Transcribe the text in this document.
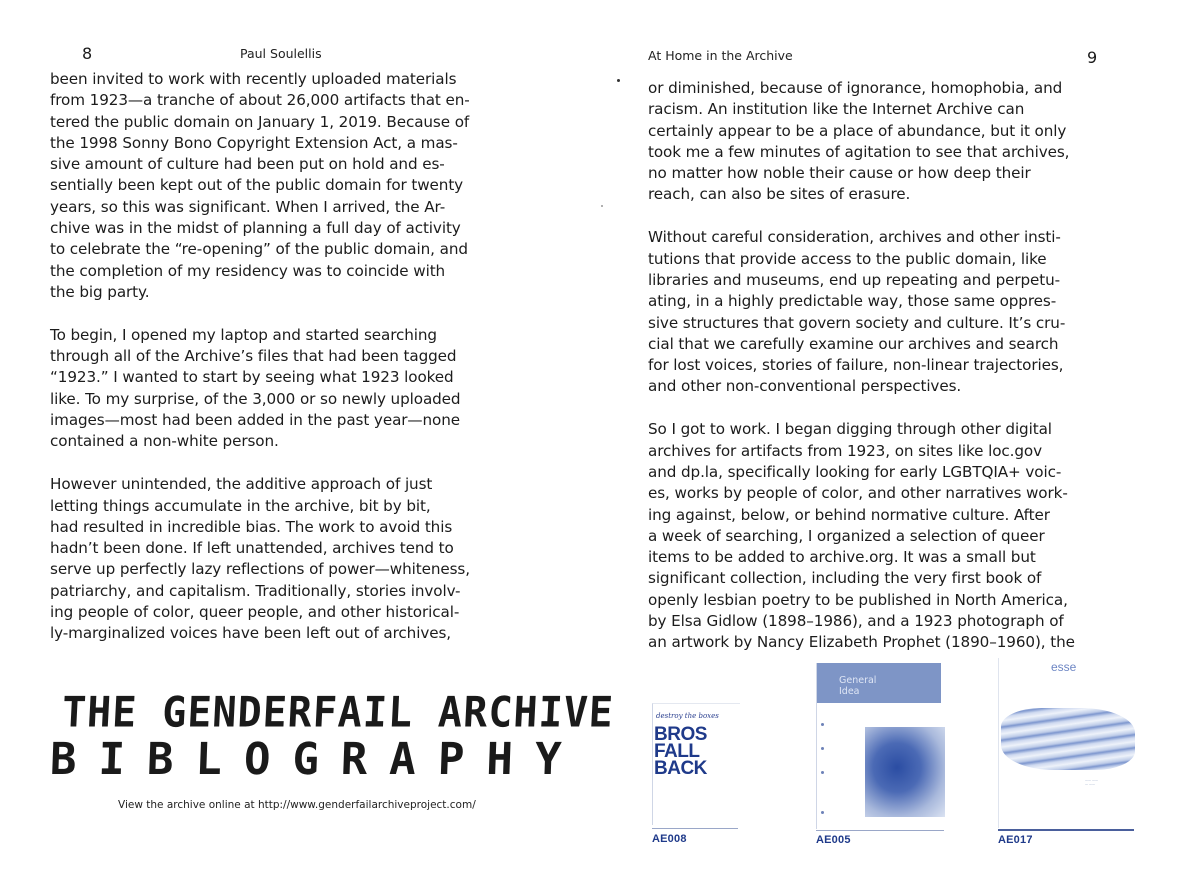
8	Paul Soulellis

been invited to work with recently uploaded materials

from 1923—a tranche of about 26,000 artifacts that en-

tered the public domain on January 1, 2019. Because of

the 1998 Sonny Bono Copyright Extension Act, a mas-

sive amount of culture had been put on hold and es-

sentially been kept out of the public domain for twenty

years, so this was significant. When I arrived, the Ar-

chive was in the midst of planning a full day of activity

to celebrate the “re-opening” of the public domain, and

the completion of my residency was to coincide with

the big party.

To begin, I opened my laptop and started searching

through all of the Archive’s files that had been tagged

“1923.” I wanted to start by seeing what 1923 looked

like. To my surprise, of the 3,000 or so newly uploaded

images—most had been added in the past year—none

contained a non-white person.

However unintended, the additive approach of just

letting things accumulate in the archive, bit by bit,

had resulted in incredible bias. The work to avoid this

hadn’t been done. If left unattended, archives tend to

serve up perfectly lazy reflections of power—whiteness,

patriarchy, and capitalism. Traditionally, stories involv-

ing people of color, queer people, and other historical-

ly-marginalized voices have been left out of archives,

THE GENDERFAIL ARCHIVE
BIBLOGRAPHY
View the archive online at http://www.genderfailarchiveproject.com/
At Home in the Archive	9

or diminished, because of ignorance, homophobia, and

racism. An institution like the Internet Archive can

certainly appear to be a place of abundance, but it only

took me a few minutes of agitation to see that archives,

no matter how noble their cause or how deep their

reach, can also be sites of erasure.

Without careful consideration, archives and other insti-

tutions that provide access to the public domain, like

libraries and museums, end up repeating and perpetu-

ating, in a highly predictable way, those same oppres-

sive structures that govern society and culture. It’s cru-

cial that we carefully examine our archives and search

for lost voices, stories of failure, non-linear trajectories,

and other non-conventional perspectives.

So I got to work. I began digging through other digital

archives for artifacts from 1923, on sites like loc.gov

and dp.la, specifically looking for early LGBTQIA+ voic-

es, works by people of color, and other narratives work-

ing against, below, or behind normative culture. After

a week of searching, I organized a selection of queer

items to be added to archive.org. It was a small but

significant collection, including the very first book of

openly lesbian poetry to be published in North America,

by Elsa Gidlow (1898–1986), and a 1923 photograph of

an artwork by Nancy Elizabeth Prophet (1890–1960), the

destroy the boxes
BROS
FALL
BACK
AE008
General
Idea
AE005
esse
—— ——
— ——
AE017
